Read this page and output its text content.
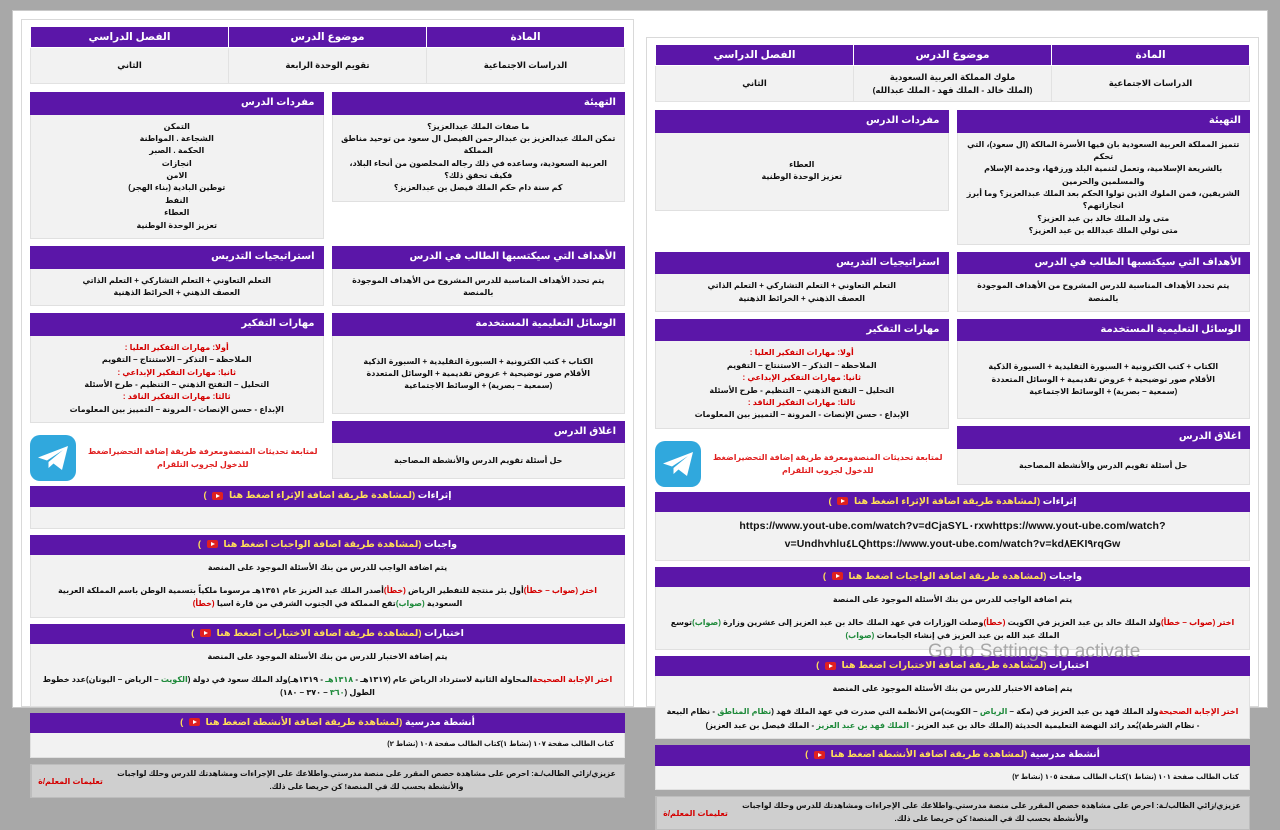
المادة	موضوع الدرس	الفصل الدراسي
الدراسات الاجتماعية	تقويم الوحدة الرابعة	الثاني
التهيئة
ما صفات الملك عبدالعزيز؟
تمكن الملك عبدالعزيز بن عبدالرحمن الفيصل ال سعود من توحيد مناطق المملكة
العربية السعودية، وساعده في ذلك رجاله المخلصون من أنحاء البلاد، فكيف تحقق ذلك؟
كم سنة دام حكم الملك فيصل بن عبدالعزيز؟
مفردات الدرس
التمكن
الشجاعة . المواطنة
الحكمة . الصبر
انجازات
الامن
توطين البادية (بناء الهجر)
النفط
العطاء
تعزيز الوحدة الوطنية
الأهداف التي سيكتسبها الطالب في الدرس
يتم تحدد الأهداف المناسبة للدرس المشروح من الأهداف الموجودة
بالمنصة
استراتيجيات التدريس
التعلم التعاوني + التعلم التشاركي + التعلم الذاتي
العصف الذهني + الخرائط الذهنية
الوسائل التعليمية المستخدمة
الكتاب + كتب الكترونية + السبورة التقليدية + السبورة الذكية
الأقلام صور توضيحية + عروض تقديمية + الوسائل المتعددة
(سمعية – بصرية) + الوسائط الاجتماعية
اغلاق الدرس
حل أسئلة تقويم الدرس والأنشطة المصاحبة
مهارات التفكير
أولا: مهارات التفكير العليا :
الملاحظة – التذكر – الاستنتاج – التقويم
ثانيا: مهارات التفكير الإبداعي :
التحليل – التفتح الذهني – التنظيم - طرح الأسئلة
ثالثا: مهارات التفكير الناقد :
الإبداع - حسن الإنصات - المرونة – التمييز بين المعلومات
لمتابعة تحديثات المنصةومعرفة طريقة إضافة التحضيراضغط للدخول لجروب التلقرام
إثراءات (لمشاهدة طريقة اضافة الإثراء اضغط هنا  )
واجبات (لمشاهدة طريقة اضافة الواجبات اضغط هنا  )
يتم اضافة الواجب للدرس من بنك الأسئلة الموجود على المنصة
اختر (صواب – خطأ)أول بئر منتجة للتفطير الرياض (خطأ)أصدر الملك عبد العزيز عام ١٣٥١هـ مرسوما ملكياً بتسمية الوطن باسم المملكة العربية السعودية (صواب)تقع المملكة في الجنوب الشرقي من قارة اسيا (خطأ)
اختبارات (لمشاهدة طريقة اضافة الاختبارات اضغط هنا  )
يتم إضافة الاختبار للدرس من بنك الأسئلة الموجود على المنصة
اختر الإجابة الصحيحةالمحاولة الثانية لاسترداد الرياض عام (١٣١٧هـ - ١٣١٨هـ - ١٣١٩هـ)ولد الملك سعود في دولة (الكويت – الرياض – اليونان)عدد خطوط الطول (٣٦٠ – ٣٧٠ – ١٨٠)
أنشطة مدرسية (لمشاهدة طريقة اضافة الأنشطة اضغط هنا  )
كتاب الطالب صفحة ١٠٧ (نشاط ١)كتاب الطالب صفحة ١٠٨ (نشاط ٢)
تعليمات المعلم/ة
عزيزي/زائي الطالب/ـة: احرص على مشاهدة حصص المقرر على منصة مدرستي.واطلاعك على الإجراءات ومشاهدتك للدرس وحلك لواجبات والأنشطة بحسب لك في المنصة! كن حريصا على ذلك.
المادة	موضوع الدرس	الفصل الدراسي
الدراسات الاجتماعية	ملوك المملكة العربية السعودية
(الملك خالد - الملك فهد - الملك عبدالله)	الثاني
التهيئة
تتميز المملكة العربية السعودية بان فيها الأسرة المالكة (ال سعود)، التي تحكم
بالشريعة الإسلامية، وتعمل لتنمية البلد ورزقها، وخدمة الإسلام والمسلمين والحرمين
الشريفين، فمن الملوك الذين تولوا الحكم بعد الملك عبدالعزيز؟ وما أبرز انجازاتهم؟
متى ولد الملك خالد بن عبد العزيز؟
متى تولي الملك عبدالله بن عبد العزيز؟
مفردات الدرس
العطاء
تعزيز الوحدة الوطنية
الأهداف التي سيكتسبها الطالب في الدرس
يتم تحدد الأهداف المناسبة للدرس المشروح من الأهداف الموجودة
بالمنصة
استراتيجيات التدريس
التعلم التعاوني + التعلم التشاركي + التعلم الذاتي
العصف الذهني + الخرائط الذهنية
الوسائل التعليمية المستخدمة
الكتاب + كتب الكترونية + السبورة التقليدية + السبورة الذكية
الأقلام صور توضيحية + عروض تقديمية + الوسائل المتعددة
(سمعية – بصرية) + الوسائط الاجتماعية
اغلاق الدرس
حل أسئلة تقويم الدرس والأنشطة المصاحبة
مهارات التفكير
أولا: مهارات التفكير العليا :
الملاحظة – التذكر – الاستنتاج – التقويم
ثانيا: مهارات التفكير الإبداعي :
التحليل – التفتح الذهني – التنظيم - طرح الأسئلة
ثالثا: مهارات التفكير الناقد :
الإبداع - حسن الإنصات - المرونة – التمييز بين المعلومات
لمتابعة تحديثات المنصةومعرفة طريقة إضافة التحضيراضغط للدخول لجروب التلقرام
إثراءات (لمشاهدة طريقة اضافة الإثراء اضغط هنا  )
https://www.yout-ube.com/watch?v=dCjaSYL٠rxwhttps://www.yout-ube.com/watch?v=Undhvhlu٤LQhttps://www.yout-ube.com/watch?v=kd٨EKI٩rqGw
واجبات (لمشاهدة طريقة اضافة الواجبات اضغط هنا  )
يتم اضافة الواجب للدرس من بنك الأسئلة الموجود على المنصة
اختر (صواب – خطأ)ولد الملك خالد بن عبد العزيز في الكويت (خطأ)وصلت الوزارات في عهد الملك خالد بن عبد العزيز إلى عشرين وزارة (صواب)توسع الملك عبد الله بن عبد العزيز في إنشاء الجامعات (صواب)
اختبارات (لمشاهدة طريقة اضافة الاختبارات اضغط هنا  )
يتم إضافة الاختبار للدرس من بنك الأسئلة الموجود على المنصة
اختر الإجابة الصحيحةولد الملك فهد بن عبد العزيز في (مكة – الرياض – الكويت)من الأنظمة التي صدرت في عهد الملك فهد (نظام المناطق - نظام البيعة - نظام الشرطة)يُعد رائد النهضة التعليمية الحديثة (الملك خالد بن عبد العزيز - الملك فهد بن عبد العزيز - الملك فيصل بن عبد العزيز)
أنشطة مدرسية (لمشاهدة طريقة اضافة الأنشطة اضغط هنا  )
كتاب الطالب صفحة ١٠١ (نشاط ١)كتاب الطالب صفحة ١٠٥ (نشاط ٢)
تعليمات المعلم/ة
عزيزي/زائي الطالب/ـة: احرص على مشاهدة حصص المقرر على منصة مدرستي.واطلاعك على الإجراءات ومشاهدتك للدرس وحلك لواجبات والأنشطة بحسب لك في المنصة! كن حريصا على ذلك.
Go to Settings to activate
